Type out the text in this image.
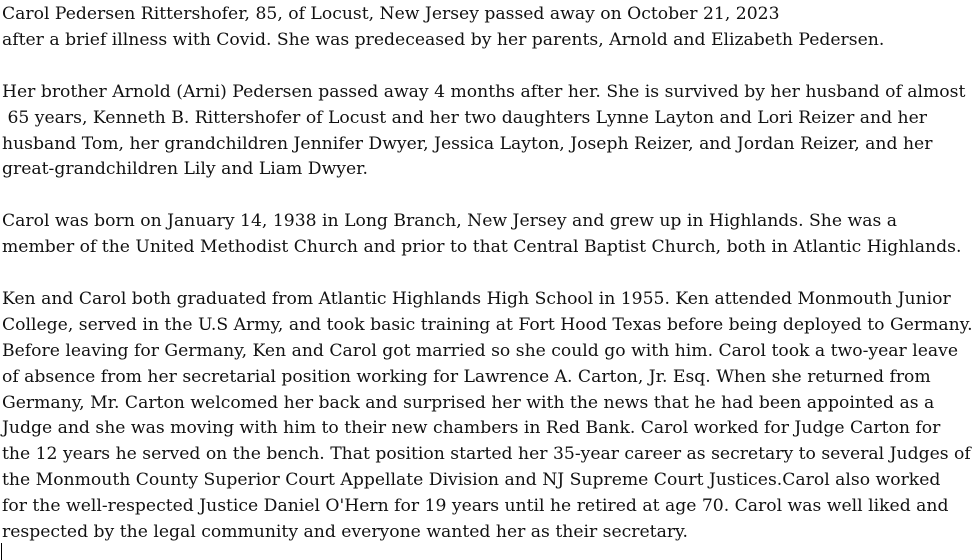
Carol Pedersen Rittershofer, 85, of Locust, New Jersey passed away on October 21, 2023
after a brief illness with Covid. She was predeceased by her parents, Arnold and Elizabeth Pedersen.

Her brother Arnold (Arni) Pedersen passed away 4 months after her. She is survived by her husband of almost
65 years, Kenneth B. Rittershofer of Locust and her two daughters Lynne Layton and Lori Reizer and her
husband Tom, her grandchildren Jennifer Dwyer, Jessica Layton, Joseph Reizer, and Jordan Reizer, and her
great-grandchildren Lily and Liam Dwyer.

Carol was born on January 14, 1938 in Long Branch, New Jersey and grew up in Highlands. She was a
member of the United Methodist Church and prior to that Central Baptist Church, both in Atlantic Highlands.

Ken and Carol both graduated from Atlantic Highlands High School in 1955. Ken attended Monmouth Junior
College, served in the U.S Army, and took basic training at Fort Hood Texas before being deployed to Germany.
Before leaving for Germany, Ken and Carol got married so she could go with him. Carol took a two-year leave
of absence from her secretarial position working for Lawrence A. Carton, Jr. Esq. When she returned from
Germany, Mr. Carton welcomed her back and surprised her with the news that he had been appointed as a
Judge and she was moving with him to their new chambers in Red Bank. Carol worked for Judge Carton for
the 12 years he served on the bench. That position started her 35-year career as secretary to several Judges of
the Monmouth County Superior Court Appellate Division and NJ Supreme Court Justices.Carol also worked
for the well-respected Justice Daniel O'Hern for 19 years until he retired at age 70. Carol was well liked and
respected by the legal community and everyone wanted her as their secretary.
